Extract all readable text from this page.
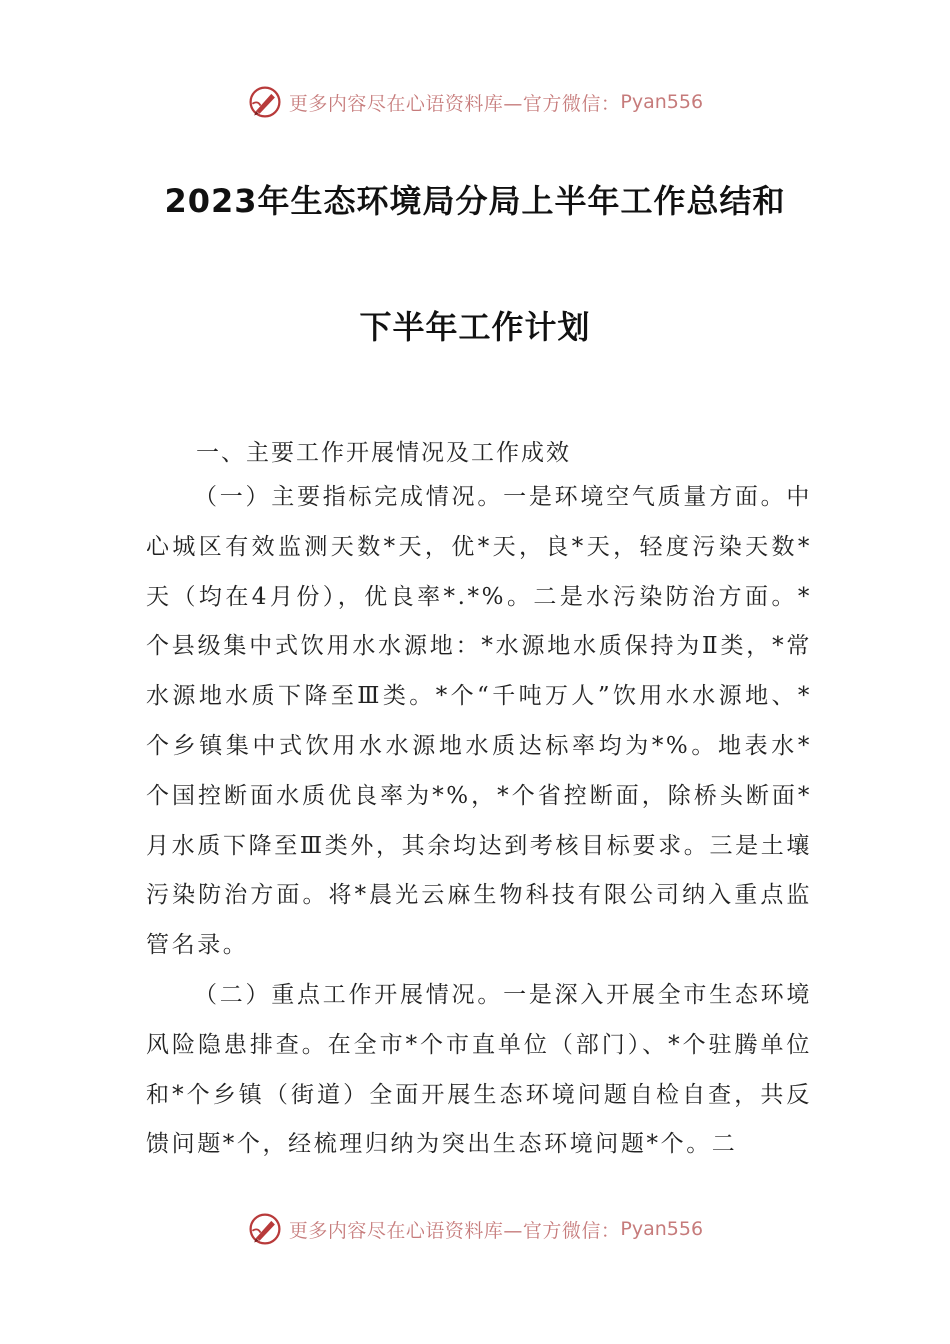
更多内容尽在心语资料库—官方微信： Pyan556
2023年生态环境局分局上半年工作总结和
下半年工作计划
一、主要工作开展情况及工作成效

（一）主要指标完成情况。一是环境空气质量方面。中心城区有效监测天数*天，优*天，良*天，轻度污染天数*天（均在4月份），优良率*.*%。二是水污染防治方面。*个县级集中式饮用水水源地：*水源地水质保持为Ⅱ类，*常水源地水质下降至Ⅲ类。*个“千吨万人”饮用水水源地、*个乡镇集中式饮用水水源地水质达标率均为*%。地表水*个国控断面水质优良率为*%，*个省控断面，除桥头断面*月水质下降至Ⅲ类外，其余均达到考核目标要求。三是土壤污染防治方面。将*晨光云麻生物科技有限公司纳入重点监管名录。

（二）重点工作开展情况。一是深入开展全市生态环境风险隐患排查。在全市*个市直单位（部门）、*个驻腾单位和*个乡镇（街道）全面开展生态环境问题自检自查，共反馈问题*个，经梳理归纳为突出生态环境问题*个。二

更多内容尽在心语资料库—官方微信： Pyan556
